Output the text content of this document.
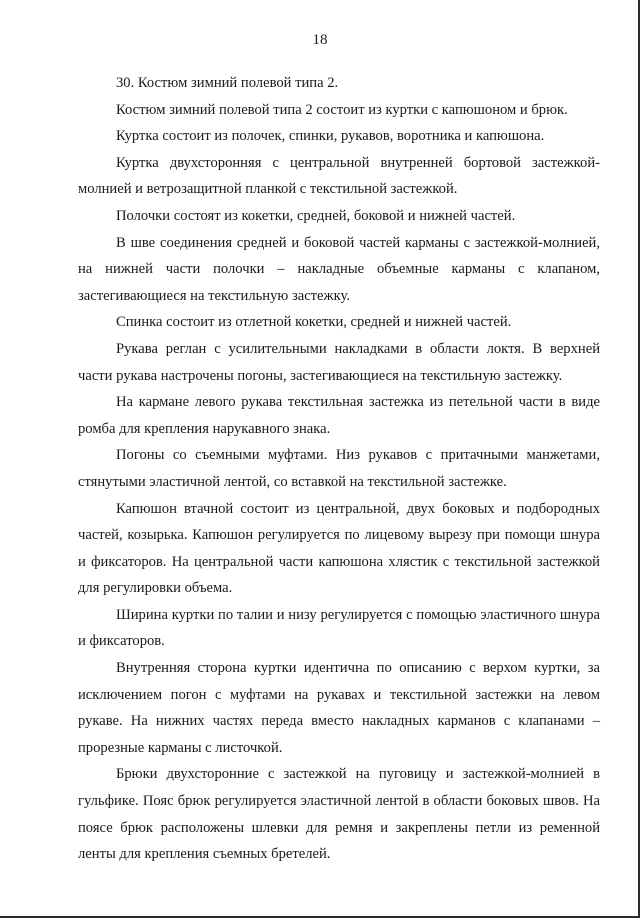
18

30. Костюм зимний полевой типа 2.

Костюм зимний полевой типа 2 состоит из куртки с капюшоном и брюк.

Куртка состоит из полочек, спинки, рукавов, воротника и капюшона.

Куртка двухсторонняя с центральной внутренней бортовой застежкой-молнией и ветрозащитной планкой с текстильной застежкой.

Полочки состоят из кокетки, средней, боковой и нижней частей.

В шве соединения средней и боковой частей карманы с застежкой-молнией, на нижней части полочки – накладные объемные карманы с клапаном, застегивающиеся на текстильную застежку.

Спинка состоит из отлетной кокетки, средней и нижней частей.

Рукава реглан с усилительными накладками в области локтя. В верхней части рукава настрочены погоны, застегивающиеся на текстильную застежку.

На кармане левого рукава текстильная застежка из петельной части в виде ромба для крепления нарукавного знака.

Погоны со съемными муфтами. Низ рукавов с притачными манжетами, стянутыми эластичной лентой, со вставкой на текстильной застежке.

Капюшон втачной состоит из центральной, двух боковых и подбородных частей, козырька. Капюшон регулируется по лицевому вырезу при помощи шнура и фиксаторов. На центральной части капюшона хлястик с текстильной застежкой для регулировки объема.

Ширина куртки по талии и низу регулируется с помощью эластичного шнура и фиксаторов.

Внутренняя сторона куртки идентична по описанию с верхом куртки, за исключением погон с муфтами на рукавах и текстильной застежки на левом рукаве. На нижних частях переда вместо накладных карманов с клапанами – прорезные карманы с листочкой.

Брюки двухсторонние с застежкой на пуговицу и застежкой-молнией в гульфике. Пояс брюк регулируется эластичной лентой в области боковых швов. На поясе брюк расположены шлевки для ремня и закреплены петли из ременной ленты для крепления съемных бретелей.
